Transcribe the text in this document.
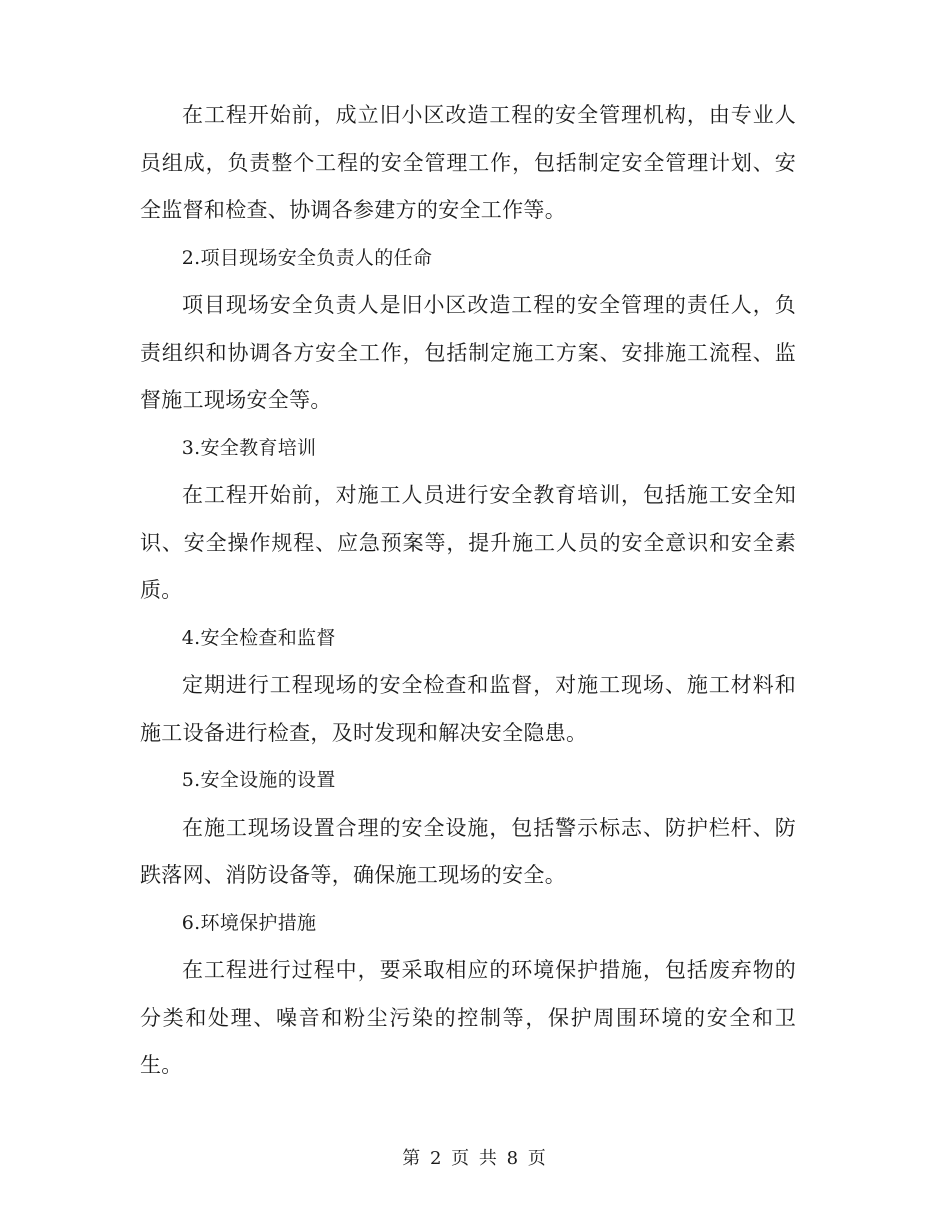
在工程开始前，成立旧小区改造工程的安全管理机构，由专业人员组成，负责整个工程的安全管理工作，包括制定安全管理计划、安全监督和检查、协调各参建方的安全工作等。

2.项目现场安全负责人的任命

项目现场安全负责人是旧小区改造工程的安全管理的责任人，负责组织和协调各方安全工作，包括制定施工方案、安排施工流程、监督施工现场安全等。

3.安全教育培训

在工程开始前，对施工人员进行安全教育培训，包括施工安全知识、安全操作规程、应急预案等，提升施工人员的安全意识和安全素质。

4.安全检查和监督

定期进行工程现场的安全检查和监督，对施工现场、施工材料和施工设备进行检查，及时发现和解决安全隐患。

5.安全设施的设置

在施工现场设置合理的安全设施，包括警示标志、防护栏杆、防跌落网、消防设备等，确保施工现场的安全。

6.环境保护措施

在工程进行过程中，要采取相应的环境保护措施，包括废弃物的分类和处理、噪音和粉尘污染的控制等，保护周围环境的安全和卫生。

第 2 页 共 8 页
